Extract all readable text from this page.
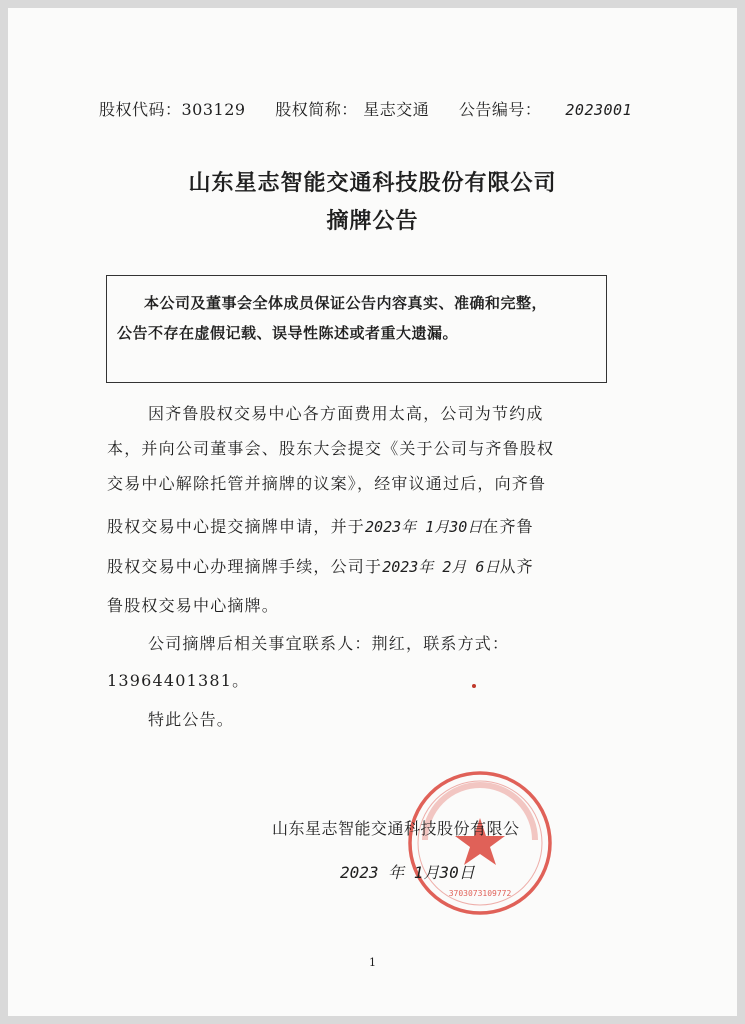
股权代码：303129 股权简称： 星志交通 公告编号： 2023001
山东星志智能交通科技股份有限公司
摘牌公告
本公司及董事会全体成员保证公告内容真实、准确和完整，
公告不存在虚假记载、误导性陈述或者重大遗漏。
因齐鲁股权交易中心各方面费用太高，公司为节约成
本，并向公司董事会、股东大会提交《关于公司与齐鲁股权
交易中心解除托管并摘牌的议案》，经审议通过后，向齐鲁
股权交易中心提交摘牌申请，并于2023年 1月30日在齐鲁
股权交易中心办理摘牌手续，公司于2023年 2月 6日从齐
鲁股权交易中心摘牌。
公司摘牌后相关事宜联系人：荆红，联系方式：
13964401381。
特此公告。
3703073109772
山东星志智能交通科技股份有限公
2023 年 1月30日
1
